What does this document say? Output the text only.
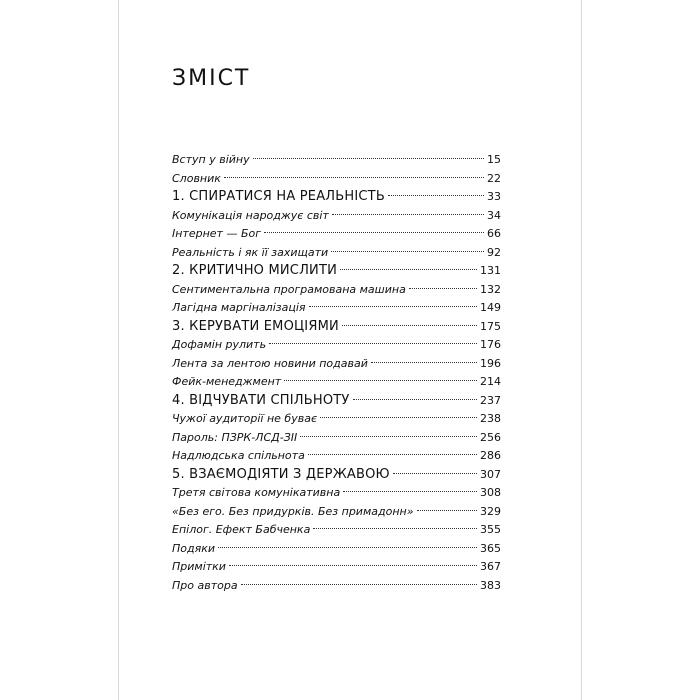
ЗМІСТ
Вступ у війну	15
Словник	22
1. СПИРАТИСЯ НА РЕАЛЬНІСТЬ	33
Комунікація народжує світ	34
Інтернет — Бог	66
Реальність і як її захищати	92
2. КРИТИЧНО МИСЛИТИ	131
Сентиментальна програмована машина	132
Лагідна маргіналізація	149
3. КЕРУВАТИ ЕМОЦІЯМИ	175
Дофамін рулить	176
Лента за лентою новини подавай	196
Фейк-менеджмент	214
4. ВІДЧУВАТИ СПІЛЬНОТУ	237
Чужої аудиторії не буває	238
Пароль: ПЗРК-ЛСД-ЗІІ	256
Надлюдська спільнота	286
5. ВЗАЄМОДІЯТИ З ДЕРЖАВОЮ	307
Третя світова комунікативна	308
«Без его. Без придурків. Без примадонн»	329
Епілог. Ефект Бабченка	355
Подяки	365
Примітки	367
Про автора	383
